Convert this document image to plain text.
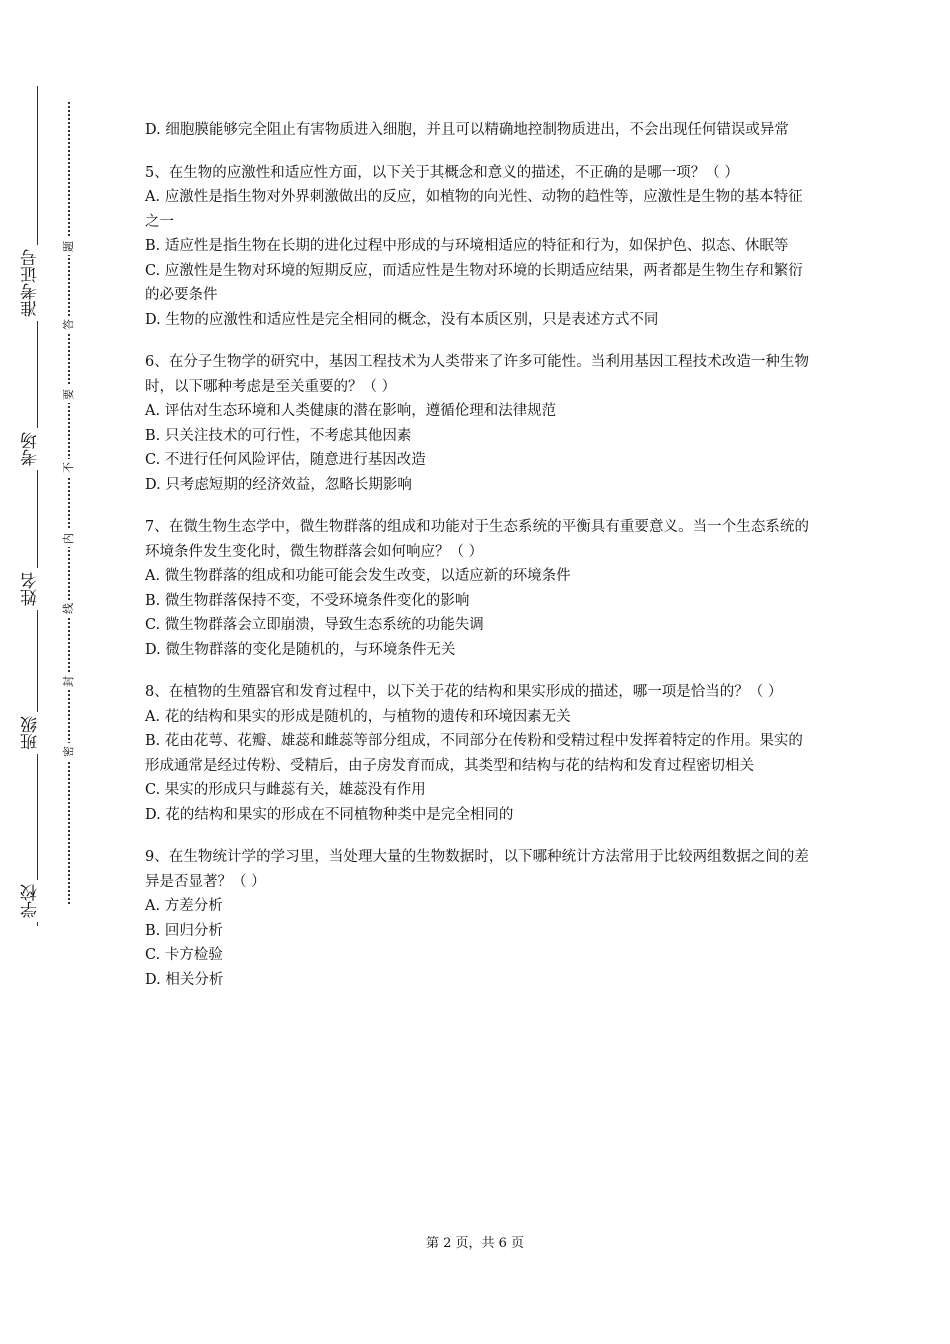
准考证号
考场
姓名
班级
学校
题
答
要
不
内
线
封
密

D. 细胞膜能够完全阻止有害物质进入细胞，并且可以精确地控制物质进出，不会出现任何错误或异常

5、在生物的应激性和适应性方面，以下关于其概念和意义的描述，不正确的是哪一项？（ ）

A. 应激性是指生物对外界刺激做出的反应，如植物的向光性、动物的趋性等，应激性是生物的基本特征之一

B. 适应性是指生物在长期的进化过程中形成的与环境相适应的特征和行为，如保护色、拟态、休眠等

C. 应激性是生物对环境的短期反应，而适应性是生物对环境的长期适应结果，两者都是生物生存和繁衍的必要条件

D. 生物的应激性和适应性是完全相同的概念，没有本质区别，只是表述方式不同

6、在分子生物学的研究中，基因工程技术为人类带来了许多可能性。当利用基因工程技术改造一种生物时，以下哪种考虑是至关重要的？（ ）

A. 评估对生态环境和人类健康的潜在影响，遵循伦理和法律规范

B. 只关注技术的可行性，不考虑其他因素

C. 不进行任何风险评估，随意进行基因改造

D. 只考虑短期的经济效益，忽略长期影响

7、在微生物生态学中，微生物群落的组成和功能对于生态系统的平衡具有重要意义。当一个生态系统的环境条件发生变化时，微生物群落会如何响应？（ ）

A. 微生物群落的组成和功能可能会发生改变，以适应新的环境条件

B. 微生物群落保持不变，不受环境条件变化的影响

C. 微生物群落会立即崩溃，导致生态系统的功能失调

D. 微生物群落的变化是随机的，与环境条件无关

8、在植物的生殖器官和发育过程中，以下关于花的结构和果实形成的描述，哪一项是恰当的？（ ）

A. 花的结构和果实的形成是随机的，与植物的遗传和环境因素无关

B. 花由花萼、花瓣、雄蕊和雌蕊等部分组成，不同部分在传粉和受精过程中发挥着特定的作用。果实的形成通常是经过传粉、受精后，由子房发育而成，其类型和结构与花的结构和发育过程密切相关

C. 果实的形成只与雌蕊有关，雄蕊没有作用

D. 花的结构和果实的形成在不同植物种类中是完全相同的

9、在生物统计学的学习里，当处理大量的生物数据时，以下哪种统计方法常用于比较两组数据之间的差异是否显著？（ ）

A. 方差分析

B. 回归分析

C. 卡方检验

D. 相关分析

第 2 页，共 6 页
